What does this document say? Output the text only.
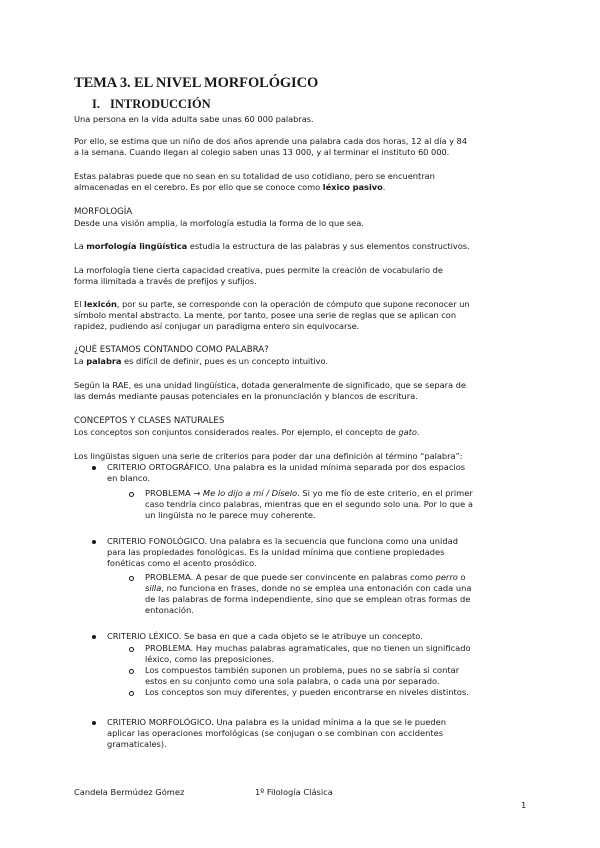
TEMA 3. EL NIVEL MORFOLÓGICO
I. INTRODUCCIÓN
Una persona en la vida adulta sabe unas 60 000 palabras.
Por ello, se estima que un niño de dos años aprende una palabra cada dos horas, 12 al día y 84
a la semana. Cuando llegan al colegio saben unas 13 000, y al terminar el instituto 60 000.
Estas palabras puede que no sean en su totalidad de uso cotidiano, pero se encuentran
almacenadas en el cerebro. Es por ello que se conoce como léxico pasivo.
MORFOLOGÍA
Desde una visión amplia, la morfología estudia la forma de lo que sea.
La morfología lingüística estudia la estructura de las palabras y sus elementos constructivos.
La morfología tiene cierta capacidad creativa, pues permite la creación de vocabulario de
forma ilimitada a través de prefijos y sufijos.
El lexicón, por su parte, se corresponde con la operación de cómputo que supone reconocer un
símbolo mental abstracto. La mente, por tanto, posee una serie de reglas que se aplican con
rapidez, pudiendo así conjugar un paradigma entero sin equivocarse.
¿QUÉ ESTAMOS CONTANDO COMO PALABRA?
La palabra es difícil de definir, pues es un concepto intuitivo.
Según la RAE, es una unidad lingüística, dotada generalmente de significado, que se separa de
las demás mediante pausas potenciales en la pronunciación y blancos de escritura.
CONCEPTOS Y CLASES NATURALES
Los conceptos son conjuntos considerados reales. Por ejemplo, el concepto de gato.
Los lingüistas siguen una serie de criterios para poder dar una definición al término “palabra”:
CRITERIO ORTOGRÁFICO. Una palabra es la unidad mínima separada por dos espacios
en blanco.
PROBLEMA → Me lo dijo a mí / Díselo. Si yo me fío de este criterio, en el primer
caso tendría cinco palabras, mientras que en el segundo solo una. Por lo que a
un lingüista no le parece muy coherente.
CRITERIO FONOLÓGICO. Una palabra es la secuencia que funciona como una unidad
para las propiedades fonológicas. Es la unidad mínima que contiene propiedades
fonéticas como el acento prosódico.
PROBLEMA. A pesar de que puede ser convincente en palabras como perro o
silla, no funciona en frases, donde no se emplea una entonación con cada una
de las palabras de forma independiente, sino que se emplean otras formas de
entonación.
CRITERIO LÉXICO. Se basa en que a cada objeto se le atribuye un concepto.
PROBLEMA. Hay muchas palabras agramaticales, que no tienen un significado
léxico, como las preposiciones.
Los compuestos también suponen un problema, pues no se sabría si contar
estos en su conjunto como una sola palabra, o cada una por separado.
Los conceptos son muy diferentes, y pueden encontrarse en niveles distintos.
CRITERIO MORFOLÓGICO. Una palabra es la unidad mínima a la que se le pueden
aplicar las operaciones morfológicas (se conjugan o se combinan con accidentes
gramaticales).
Candela Bermúdez Gómez	1º Filología Clásica
1
